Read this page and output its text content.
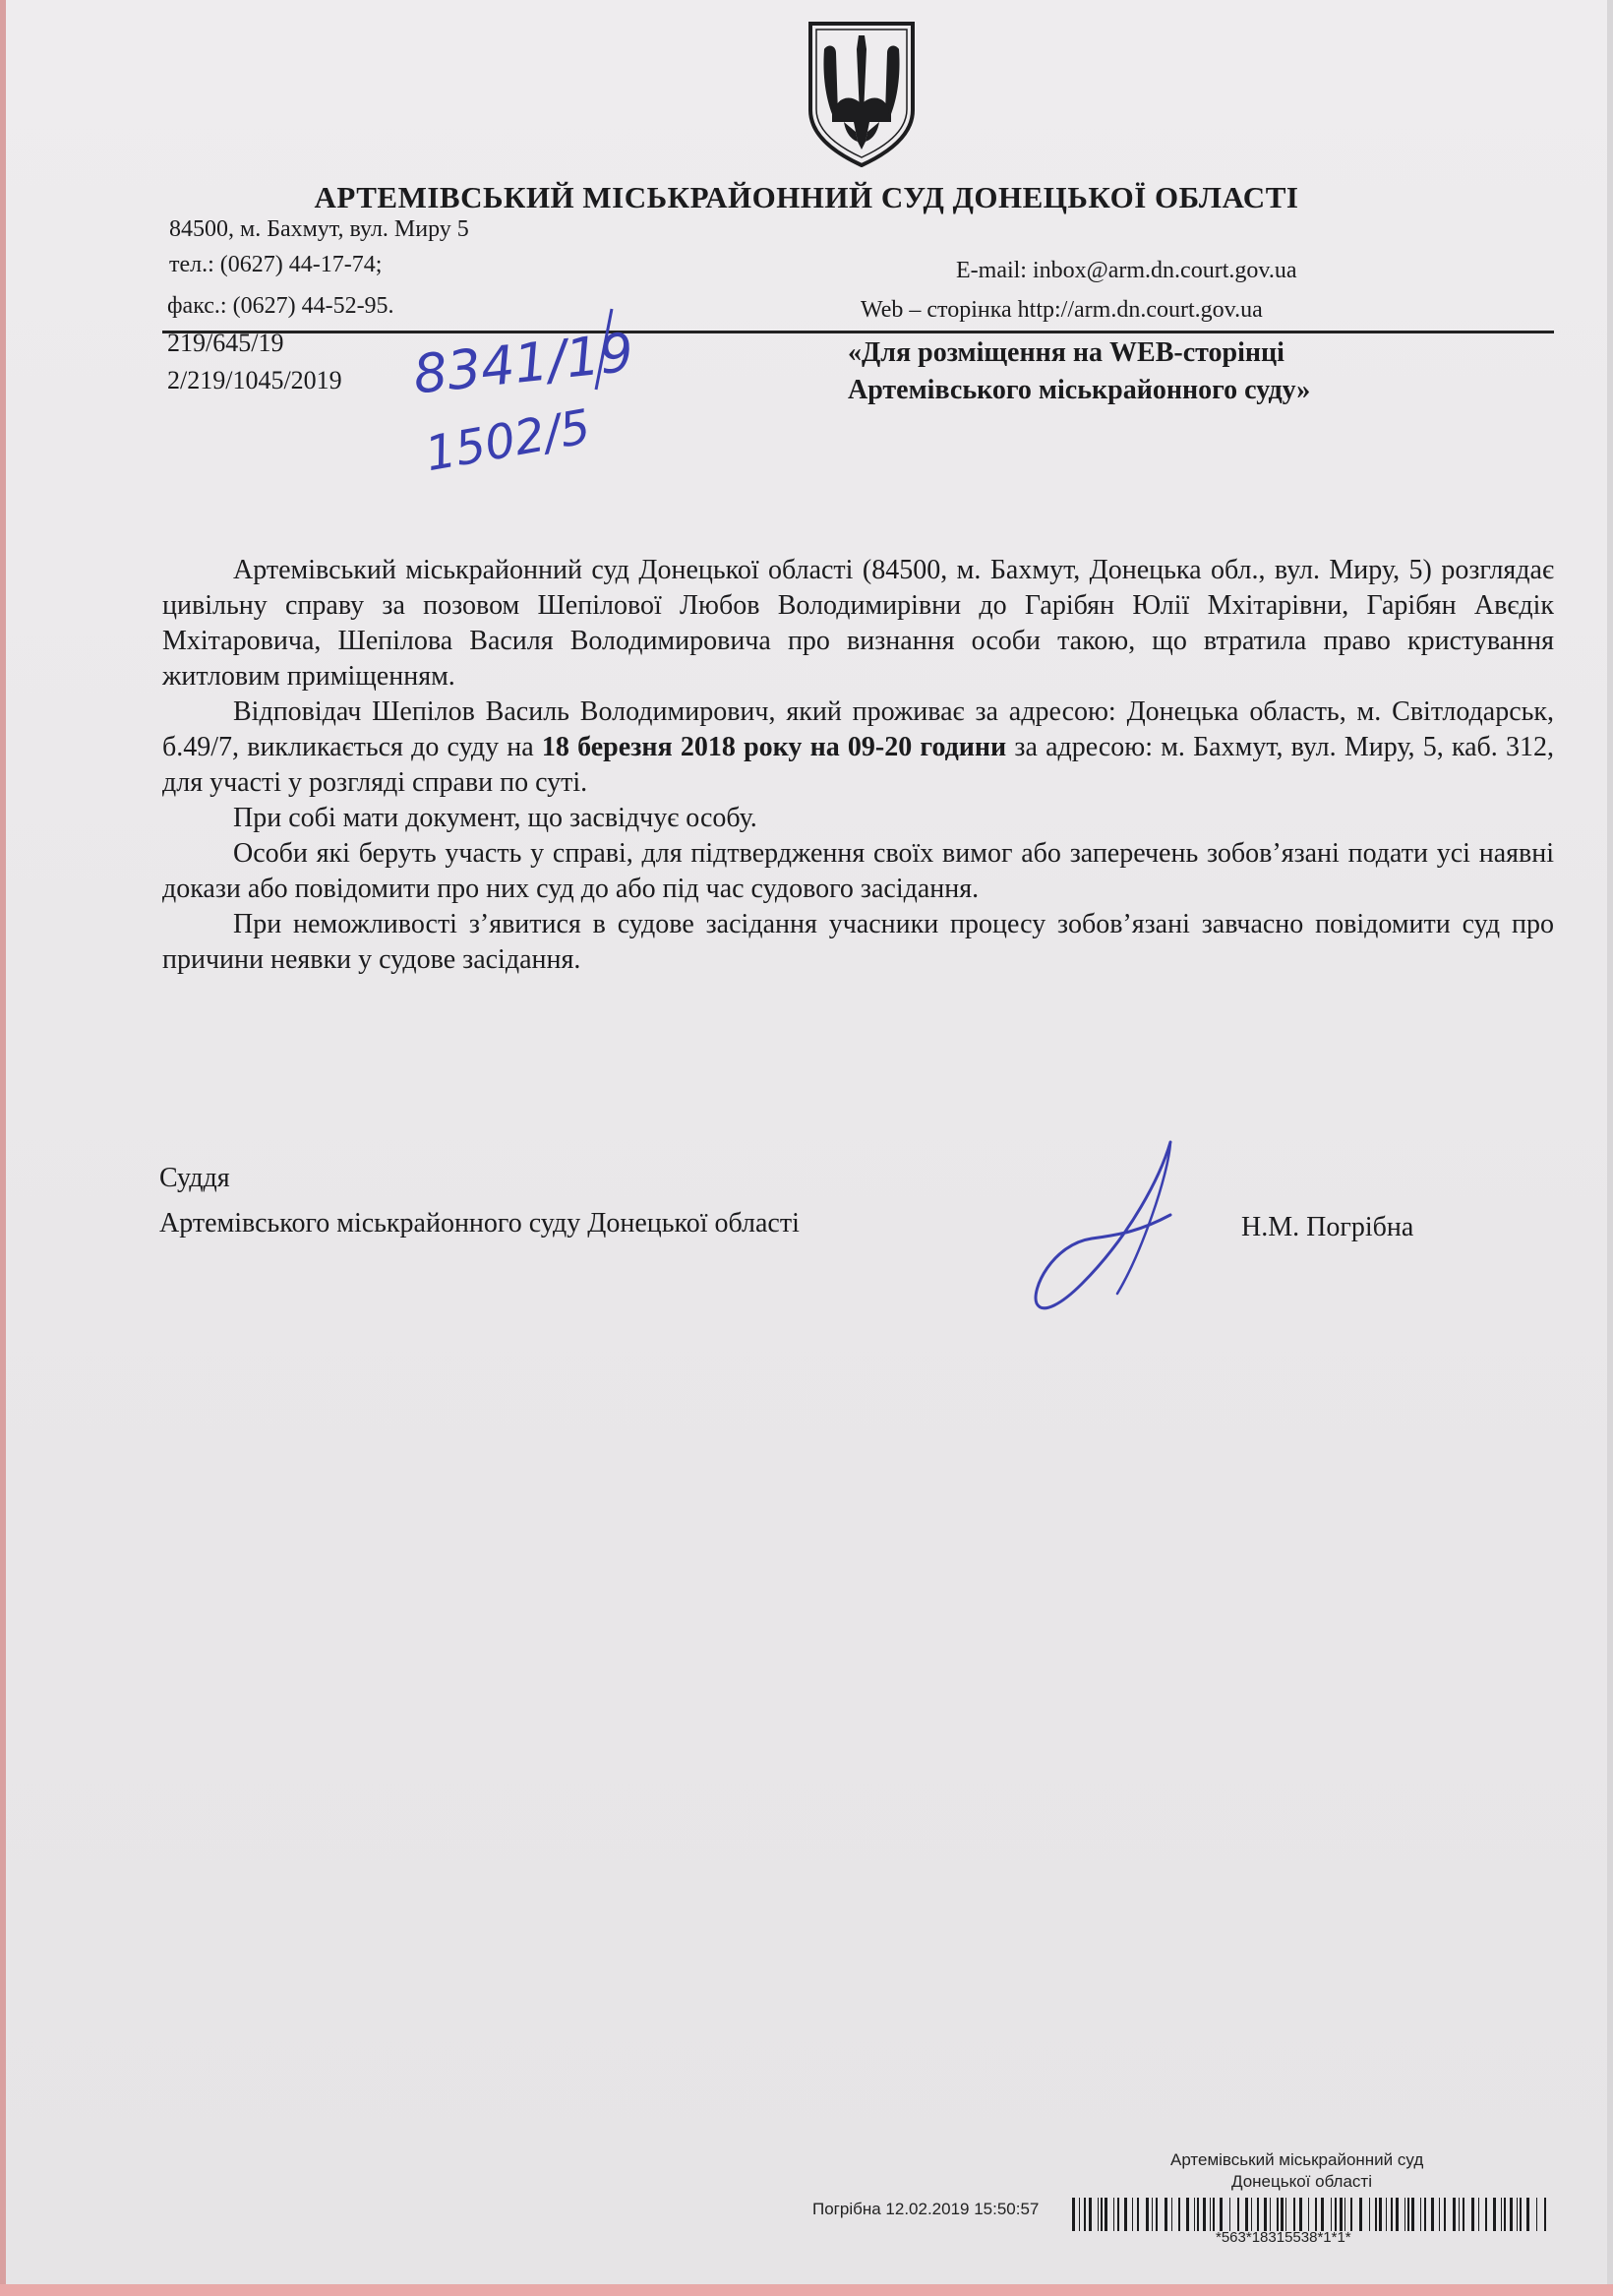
АРТЕМІВСЬКИЙ МІСЬКРАЙОННИЙ СУД ДОНЕЦЬКОЇ ОБЛАСТІ
84500, м. Бахмут, вул. Миру 5
тел.: (0627) 44-17-74;
факс.: (0627) 44-52-95.
E-mail: inbox@arm.dn.court.gov.ua
Web – сторінка http://arm.dn.court.gov.ua
219/645/19
2/219/1045/2019 8341/19
1502/5
«Для розміщення на WEB-сторінці
Артемівського міськрайонного суду»

Артемівський міськрайонний суд Донецької області (84500, м. Бахмут, Донецька обл., вул. Миру, 5) розглядає цивільну справу за позовом Шепілової Любов Володимирівни до Гарібян Юлії Мхітарівни, Гарібян Авєдік Мхітаровича, Шепілова Василя Володимировича про визнання особи такою, що втратила право кристування житловим приміщенням.

Відповідач Шепілов Василь Володимирович, який проживає за адресою: Донецька область, м. Світлодарськ, б.49/7, викликається до суду на 18 березня 2018 року на 09-20 години за адресою: м. Бахмут, вул. Миру, 5, каб. 312, для участі у розгляді справи по суті.

При собі мати документ, що засвідчує особу.

Особи які беруть участь у справі, для підтвердження своїх вимог або заперечень зобов’язані подати усі наявні докази або повідомити про них суд до або під час судового засідання.

При неможливості з’явитися в судове засідання учасники процесу зобов’язані завчасно повідомити суд про причини неявки у судове засідання.

Суддя
Артемівського міськрайонного суду Донецької області	Н.М. Погрібна
Артемівський міськрайонний суд
Донецької області
Погрібна 12.02.2019 15:50:57
*563*18315538*1*1*
